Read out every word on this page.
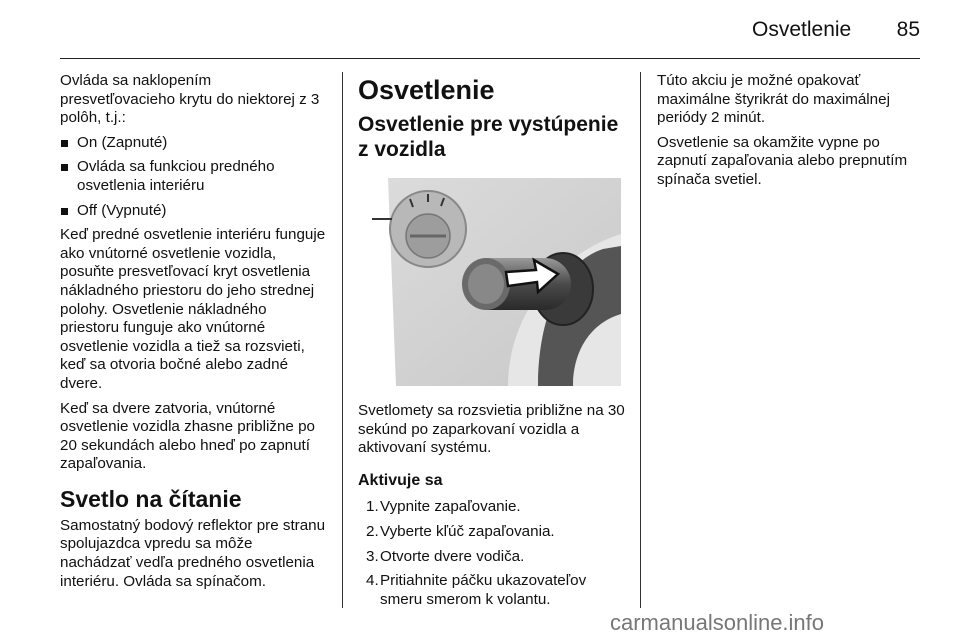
Osvetlenie	85

Ovláda sa naklopením presvetľovacieho krytu do niektorej z 3 polôh, t.j.:

On (Zapnuté)
Ovláda sa funkciou predného osvetlenia interiéru
Off (Vypnuté)

Keď predné osvetlenie interiéru funguje ako vnútorné osvetlenie vozidla, posuňte presvetľovací kryt osvetlenia nákladného priestoru do jeho strednej polohy. Osvetlenie nákladného priestoru funguje ako vnútorné osvetlenie vozidla a tiež sa rozsvieti, keď sa otvoria bočné alebo zadné dvere.

Keď sa dvere zatvoria, vnútorné osvetlenie vozidla zhasne približne po 20 sekundách alebo hneď po zapnutí zapaľovania.

Svetlo na čítanie

Samostatný bodový reflektor pre stranu spolujazdca vpredu sa môže nachádzať vedľa predného osvetlenia interiéru. Ovláda sa spínačom.

Osvetlenie
Osvetlenie pre vystúpenie z vozidla

Svetlomety sa rozsvietia približne na 30 sekúnd po zaparkovaní vozidla a aktivovaní systému.

Aktivuje sa
1. Vypnite zapaľovanie.
2. Vyberte kľúč zapaľovania.
3. Otvorte dvere vodiča.
4. Pritiahnite páčku ukazovateľov smeru smerom k volantu.

Túto akciu je možné opakovať maximálne štyrikrát do maximálnej periódy 2 minút.

Osvetlenie sa okamžite vypne po zapnutí zapaľovania alebo prepnutím spínača svetiel.

carmanualsonline.info
